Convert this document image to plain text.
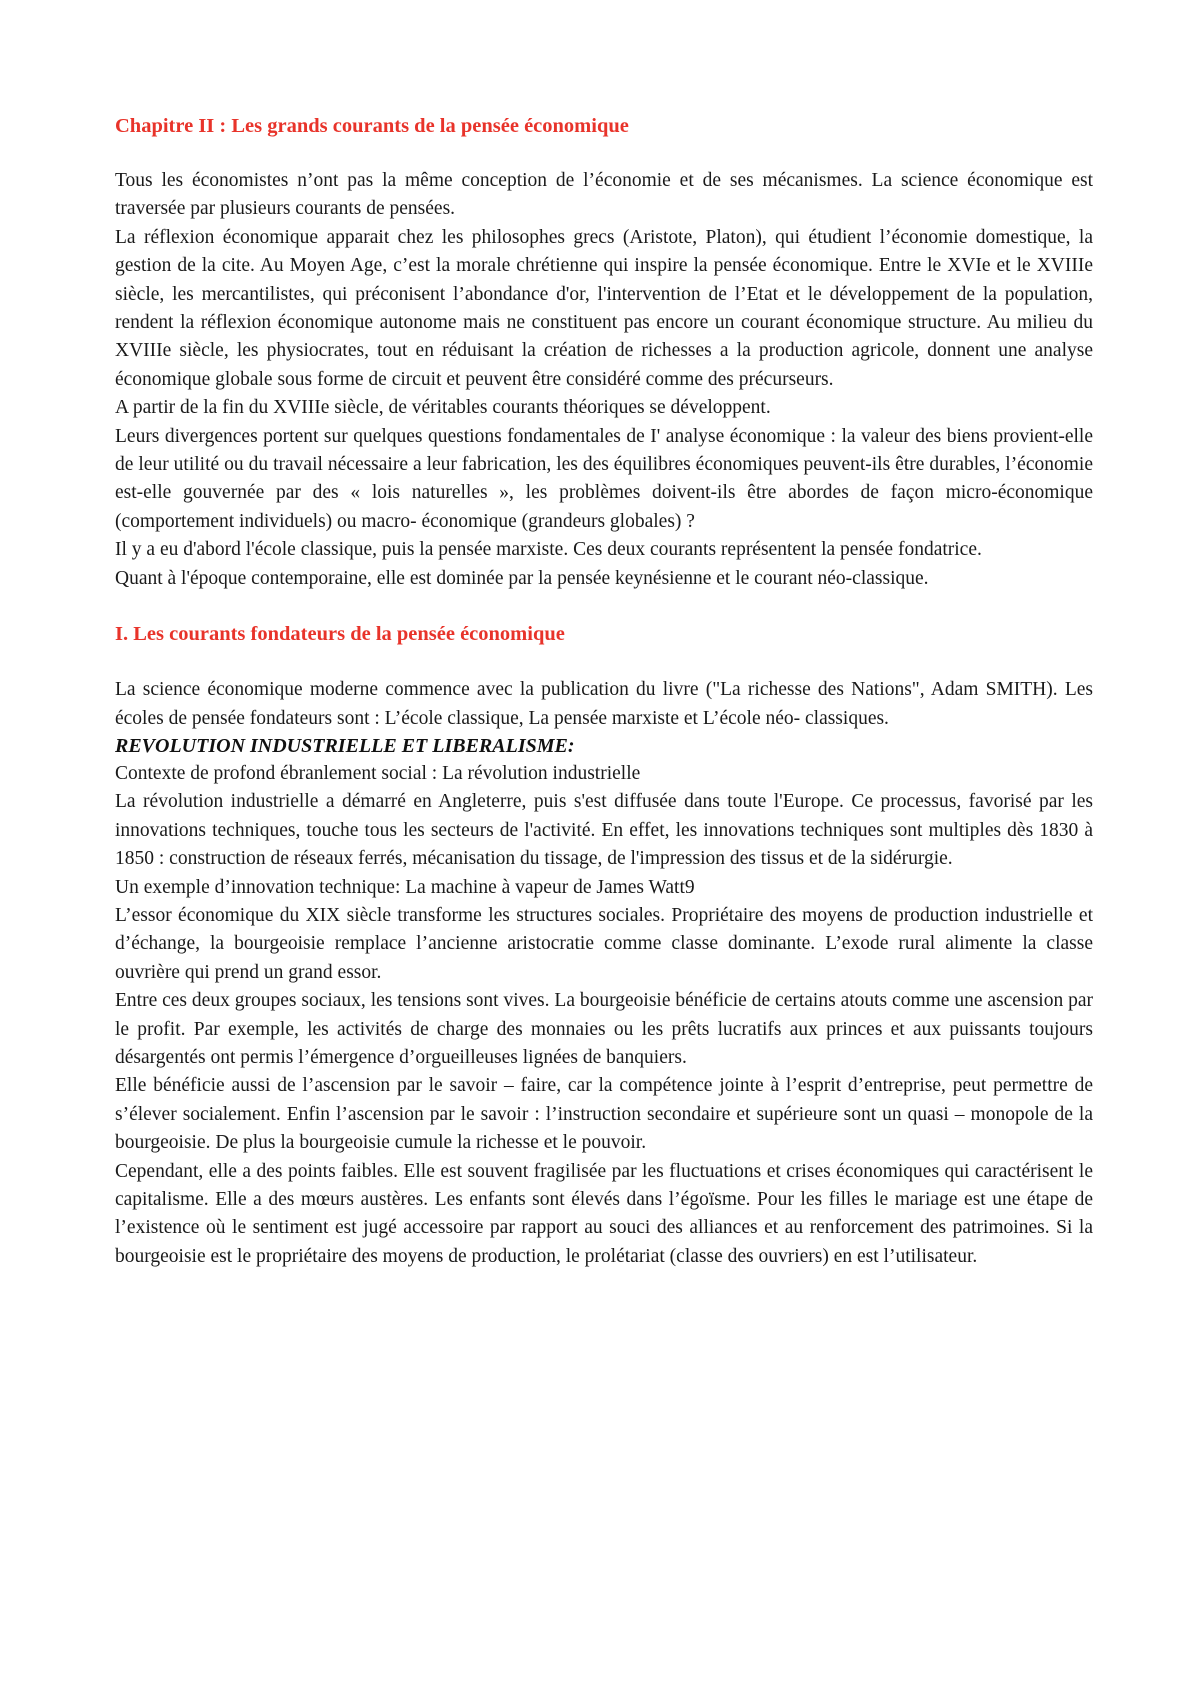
Chapitre II : Les grands courants de la pensée économique

Tous les économistes n’ont pas la même conception de l’économie et de ses mécanismes. La science économique est traversée par plusieurs courants de pensées.

La réflexion économique apparait chez les philosophes grecs (Aristote, Platon), qui étudient l’économie domestique, la gestion de la cite. Au Moyen Age, c’est la morale chrétienne qui inspire la pensée économique. Entre le XVIe et le XVIIIe siècle, les mercantilistes, qui préconisent l’abondance d'or, l'intervention de l’Etat et le développement de la population, rendent la réflexion économique autonome mais ne constituent pas encore un courant économique structure. Au milieu du XVIIIe siècle, les physiocrates, tout en réduisant la création de richesses a la production agricole, donnent une analyse économique globale sous forme de circuit et peuvent être considéré comme des précurseurs.

A partir de la fin du XVIIIe siècle, de véritables courants théoriques se développent.

Leurs divergences portent sur quelques questions fondamentales de I' analyse économique : la valeur des biens provient-elle de leur utilité ou du travail nécessaire a leur fabrication, les des équilibres économiques peuvent-ils être durables, l’économie est-elle gouvernée par des « lois naturelles », les problèmes doivent-ils être abordes de façon micro-économique (comportement individuels) ou macro- économique (grandeurs globales) ?

Il y a eu d'abord l'école classique, puis la pensée marxiste. Ces deux courants représentent la pensée fondatrice.

Quant à l'époque contemporaine, elle est dominée par la pensée keynésienne et le courant néo-classique.

I. Les courants fondateurs de la pensée économique

La science économique moderne commence avec la publication du livre ("La richesse des Nations", Adam SMITH). Les écoles de pensée fondateurs sont : L’école classique, La pensée marxiste et L’école néo- classiques.

REVOLUTION INDUSTRIELLE ET LIBERALISME:

Contexte de profond ébranlement social : La révolution industrielle

La révolution industrielle a démarré en Angleterre, puis s'est diffusée dans toute l'Europe. Ce processus, favorisé par les innovations techniques, touche tous les secteurs de l'activité. En effet, les innovations techniques sont multiples dès 1830 à 1850 : construction de réseaux ferrés, mécanisation du tissage, de l'impression des tissus et de la sidérurgie.

Un exemple d’innovation technique: La machine à vapeur de James Watt9

L’essor économique du XIX siècle transforme les structures sociales. Propriétaire des moyens de production industrielle et d’échange, la bourgeoisie remplace l’ancienne aristocratie comme classe dominante. L’exode rural alimente la classe ouvrière qui prend un grand essor.

Entre ces deux groupes sociaux, les tensions sont vives. La bourgeoisie bénéficie de certains atouts comme une ascension par le profit. Par exemple, les activités de charge des monnaies ou les prêts lucratifs aux princes et aux puissants toujours désargentés ont permis l’émergence d’orgueilleuses lignées de banquiers.

Elle bénéficie aussi de l’ascension par le savoir – faire, car la compétence jointe à l’esprit d’entreprise, peut permettre de s’élever socialement. Enfin l’ascension par le savoir : l’instruction secondaire et supérieure sont un quasi – monopole de la bourgeoisie. De plus la bourgeoisie cumule la richesse et le pouvoir.

Cependant, elle a des points faibles. Elle est souvent fragilisée par les fluctuations et crises économiques qui caractérisent le capitalisme. Elle a des mœurs austères. Les enfants sont élevés dans l’égoïsme. Pour les filles le mariage est une étape de l’existence où le sentiment est jugé accessoire par rapport au souci des alliances et au renforcement des patrimoines. Si la bourgeoisie est le propriétaire des moyens de production, le prolétariat (classe des ouvriers) en est l’utilisateur.
